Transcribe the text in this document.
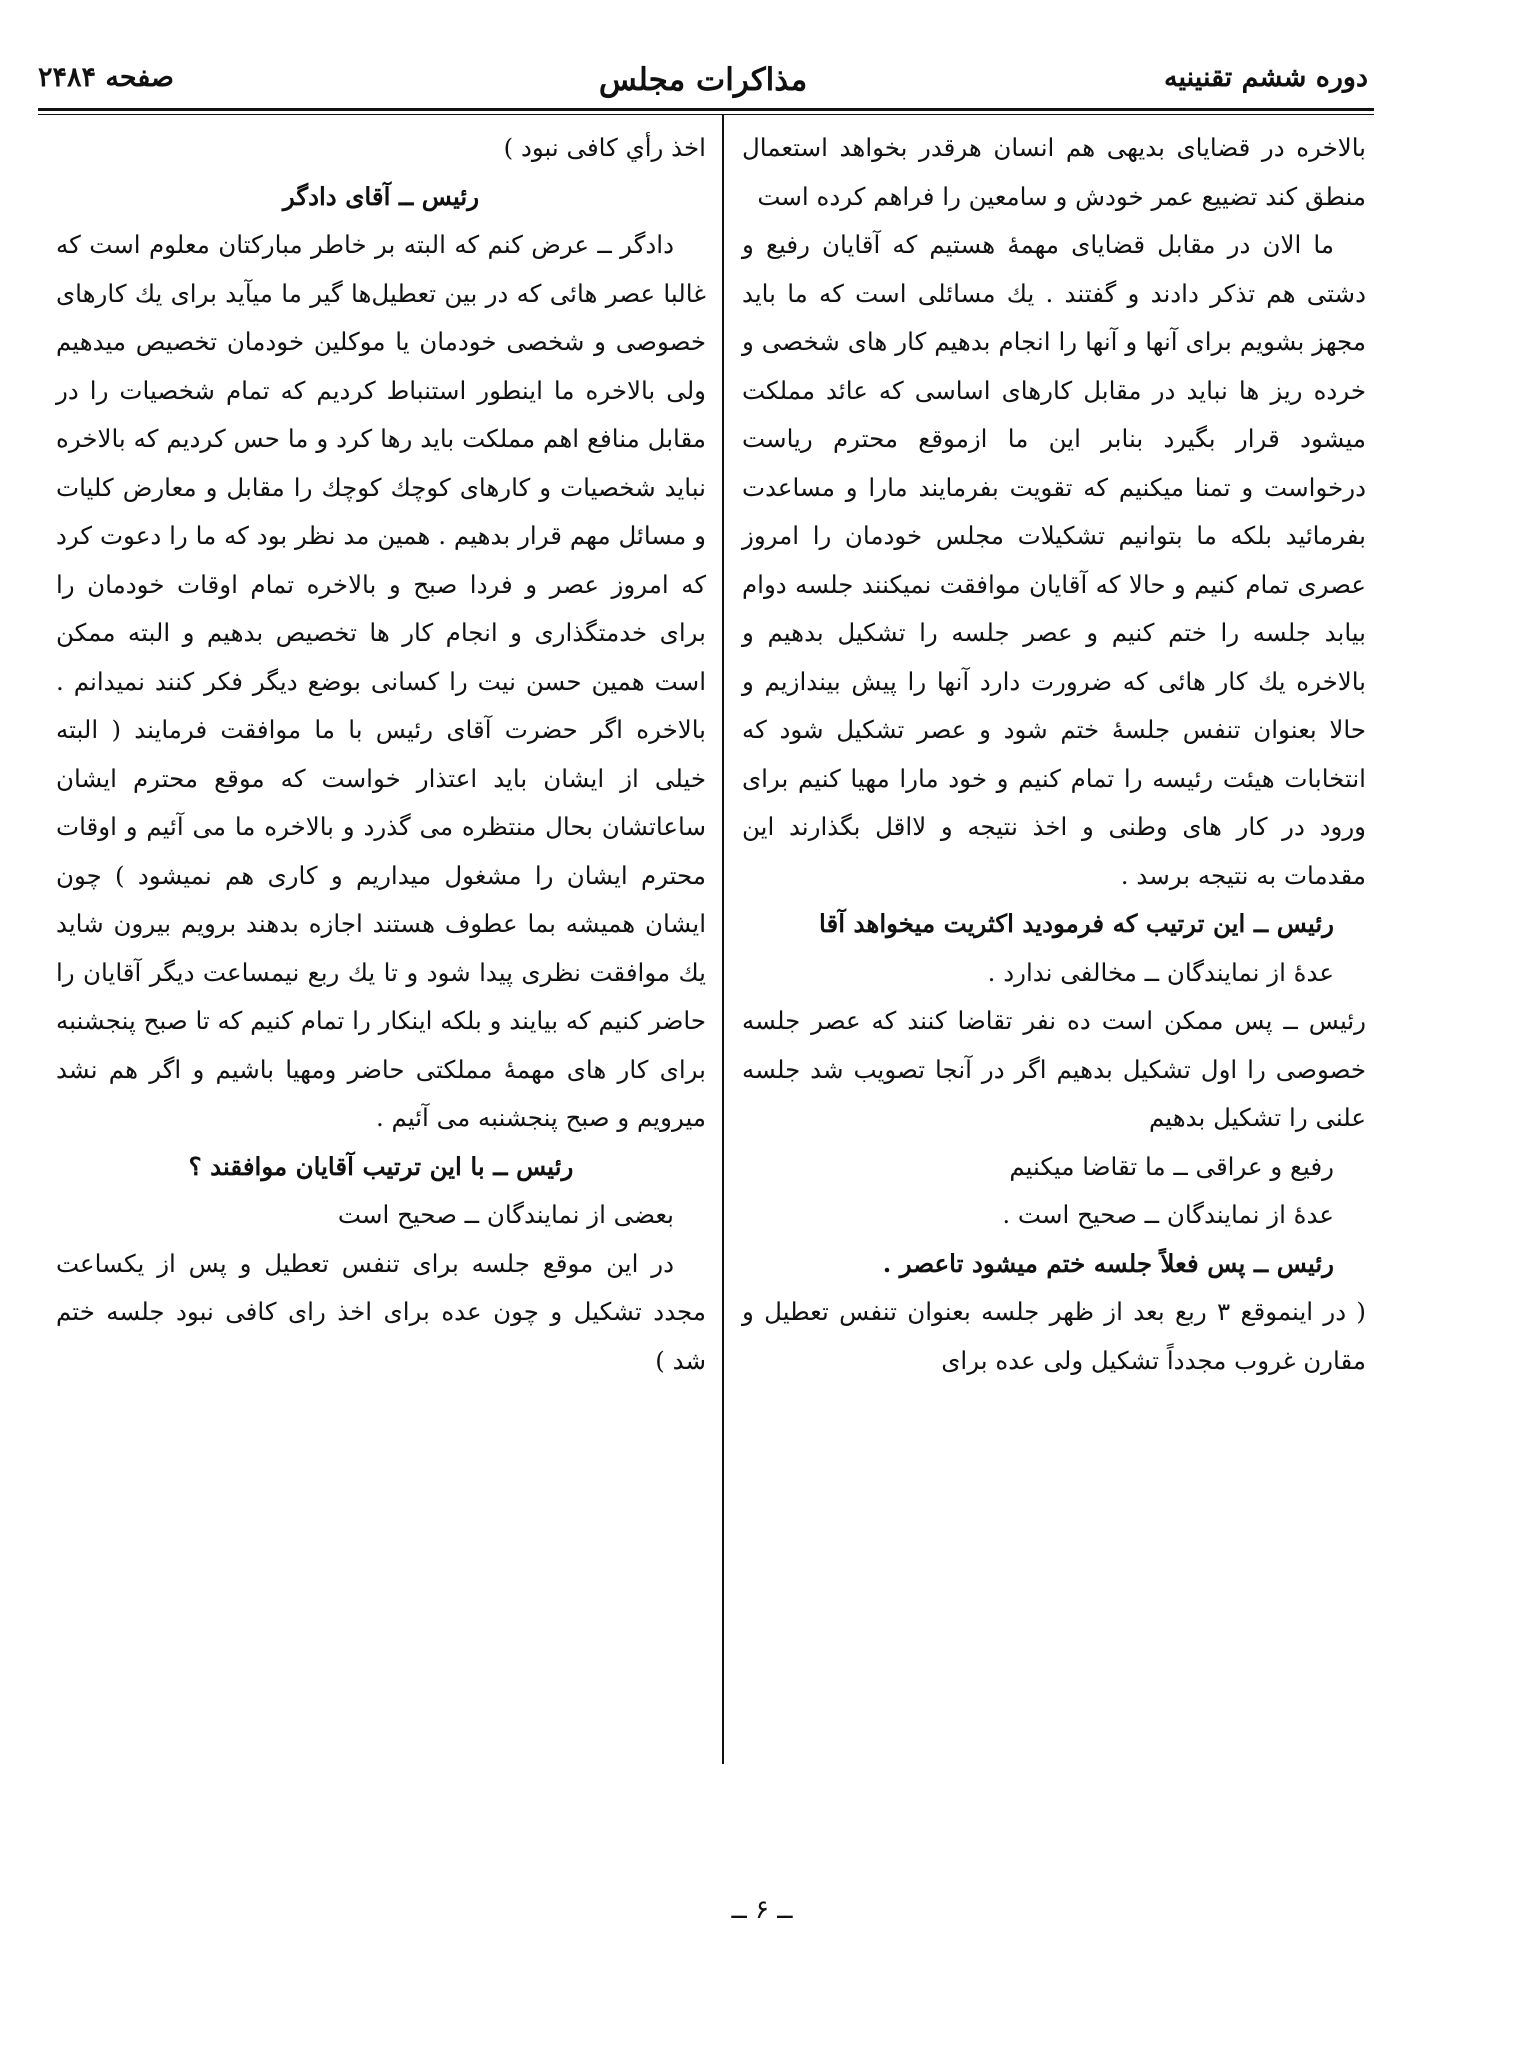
دوره ششم تقنینیه
مذاکرات مجلس
صفحه ۲۴۸۴

بالاخره در قضایای بدیهی هم انسان هرقدر بخواهد استعمال منطق کند تضییع عمر خودش و سامعین را فراهم کرده است

ما الان در مقابل قضایای مهمهٔ هستیم که آقایان رفیع و دشتی هم تذکر دادند و گفتند . یك مسائلی است که ما باید مجهز بشویم برای آنها و آنها را انجام بدهیم کار های شخصی و خرده ریز ها نباید در مقابل کارهای اساسی که عائد مملکت میشود قرار بگیرد بنابر این ما ازموقع محترم ریاست درخواست و تمنا میکنیم که تقویت بفرمایند مارا و مساعدت بفرمائید بلکه ما بتوانیم تشکیلات مجلس خودمان را امروز عصری تمام کنیم و حالا که آقایان موافقت نمیکنند جلسه دوام بیابد جلسه را ختم کنیم و عصر جلسه را تشکیل بدهیم و بالاخره یك کار هائی که ضرورت دارد آنها را پیش بیندازیم و حالا بعنوان تنفس جلسهٔ ختم شود و عصر تشکیل شود که انتخابات هیئت رئیسه را تمام کنیم و خود مارا مهیا کنیم برای ورود در کار های وطنی و اخذ نتیجه و لااقل بگذارند این مقدمات به نتیجه برسد .

رئیس ــ این ترتیب که فرمودید اکثریت میخواهد آقا

عدهٔ از نمایندگان ــ مخالفی ندارد .

رئیس ــ پس ممکن است ده نفر تقاضا کنند که عصر جلسه خصوصی را اول تشکیل بدهیم اگر در آنجا تصویب شد جلسه علنی را تشکیل بدهیم

رفیع و عراقی ــ ما تقاضا میکنیم

عدهٔ از نمایندگان ــ صحیح است .

رئیس ــ پس فعلاً جلسه ختم میشود تاعصر .

( در اینموقع ۳ ربع بعد از ظهر جلسه بعنوان تنفس تعطیل و مقارن غروب مجدداً تشکیل ولی عده برای

اخذ رأي کافی نبود )

رئیس ــ آقای دادگر

دادگر ــ عرض کنم که البته بر خاطر مبارکتان معلوم است که غالبا عصر هائی که در بین تعطیل‌ها گیر ما میآید برای یك کارهای خصوصی و شخصی خودمان یا موکلین خودمان تخصیص میدهیم ولی بالاخره ما اینطور استنباط کردیم که تمام شخصیات را در مقابل منافع اهم مملکت باید رها کرد و ما حس کردیم که بالاخره نباید شخصیات و کارهای کوچك کوچك را مقابل و معارض کلیات و مسائل مهم قرار بدهیم . همین مد نظر بود که ما را دعوت کرد که امروز عصر و فردا صبح و بالاخره تمام اوقات خودمان را برای خدمتگذاری و انجام کار ها تخصیص بدهیم و البته ممکن است همین حسن نیت را کسانی بوضع دیگر فکر کنند نمیدانم . بالاخره اگر حضرت آقای رئیس با ما موافقت فرمایند ( البته خیلی از ایشان باید اعتذار خواست که موقع محترم ایشان ساعاتشان بحال منتظره می گذرد و بالاخره ما می آئیم و اوقات محترم ایشان را مشغول میداریم و کاری هم نمیشود ) چون ایشان همیشه بما عطوف هستند اجازه بدهند برویم بیرون شاید یك موافقت نظری پیدا شود و تا یك ربع نیمساعت دیگر آقایان را حاضر کنیم که بیایند و بلکه اینکار را تمام کنیم که تا صبح پنجشنبه برای کار های مهمهٔ مملکتی حاضر ومهیا باشیم و اگر هم نشد میرویم و صبح پنجشنبه می آئیم .

رئیس ــ با این ترتیب آقایان موافقند ؟

بعضی از نمایندگان ــ صحیح است

در این موقع جلسه برای تنفس تعطیل و پس از یکساعت مجدد تشکیل و چون عده برای اخذ رای کافی نبود جلسه ختم شد )

ــ ۶ ــ
